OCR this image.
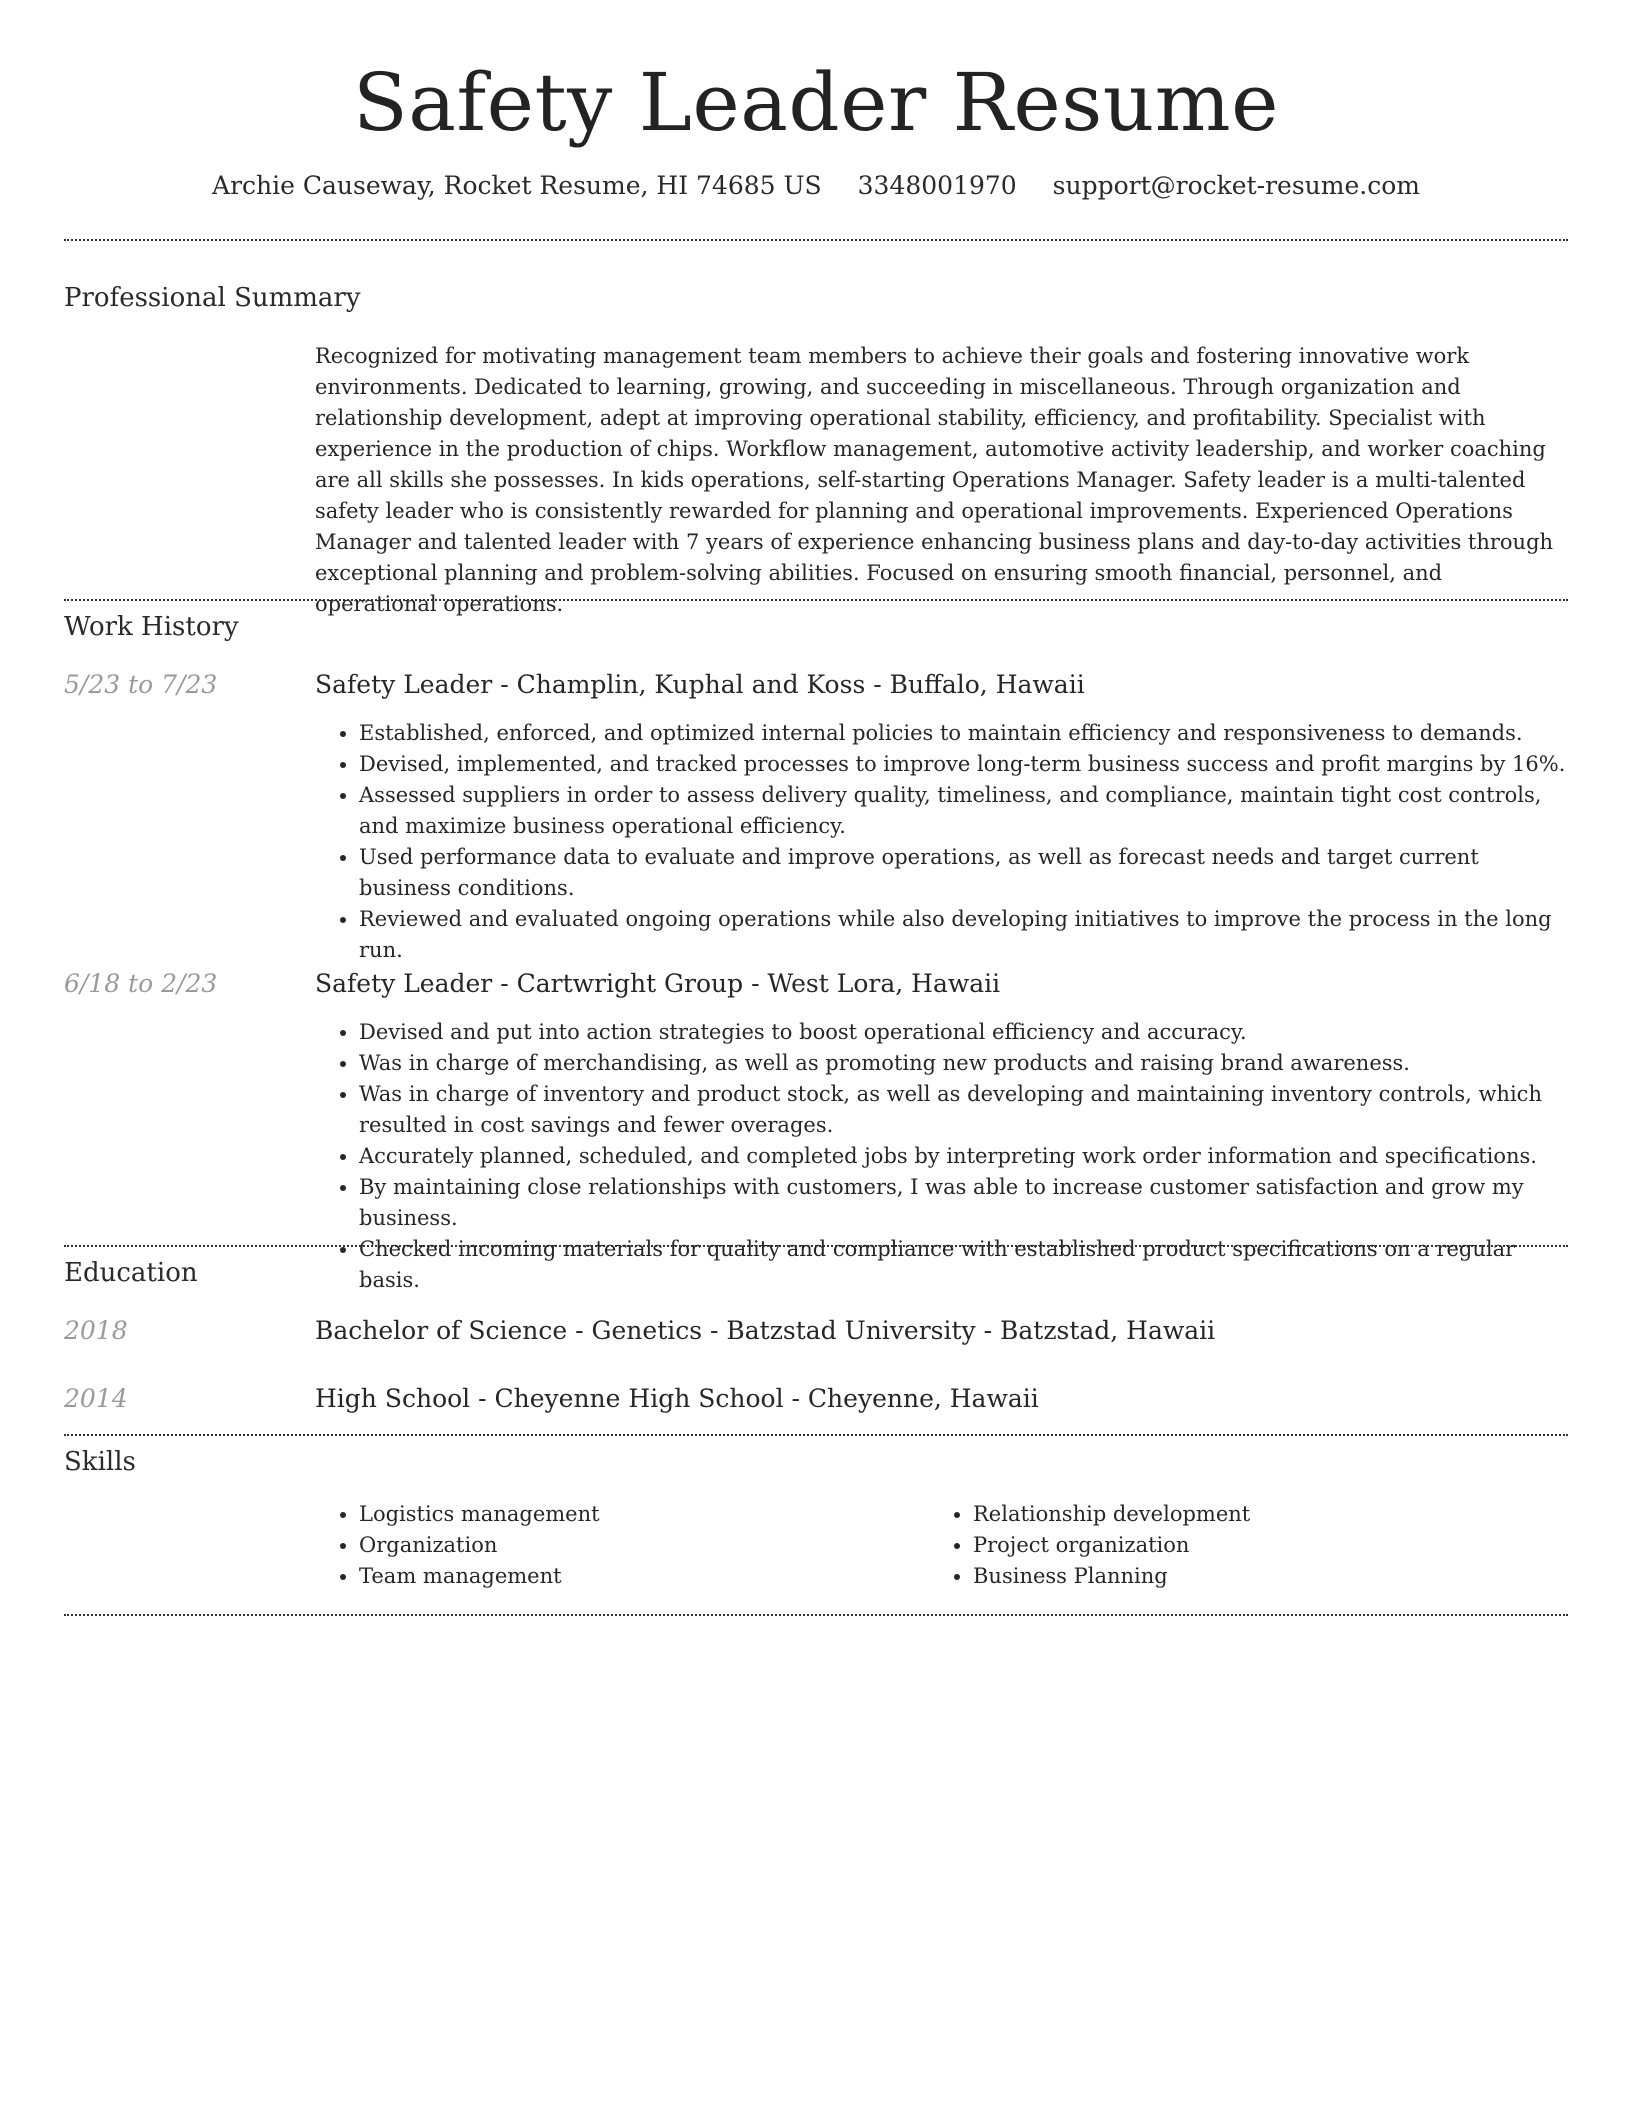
Safety Leader Resume
Archie Causeway, Rocket Resume, HI 74685 US 3348001970 support@rocket-resume.com
Professional Summary

Recognized for motivating management team members to achieve their goals and fostering innovative work environments. Dedicated to learning, growing, and succeeding in miscellaneous. Through organization and relationship development, adept at improving operational stability, efficiency, and profitability. Specialist with experience in the production of chips. Workflow management, automotive activity leadership, and worker coaching are all skills she possesses. In kids operations, self-starting Operations Manager. Safety leader is a multi-talented safety leader who is consistently rewarded for planning and operational improvements. Experienced Operations Manager and talented leader with 7 years of experience enhancing business plans and day-to-day activities through exceptional planning and problem-solving abilities. Focused on ensuring smooth financial, personnel, and operational operations.

Work History
5/23 to 7/23	Safety Leader - Champlin, Kuphal and Koss - Buffalo, Hawaii
• Established, enforced, and optimized internal policies to maintain efficiency and responsiveness to demands.
• Devised, implemented, and tracked processes to improve long-term business success and profit margins by 16%.
• Assessed suppliers in order to assess delivery quality, timeliness, and compliance, maintain tight cost controls, and maximize business operational efficiency.
• Used performance data to evaluate and improve operations, as well as forecast needs and target current business conditions.
• Reviewed and evaluated ongoing operations while also developing initiatives to improve the process in the long run.
6/18 to 2/23	Safety Leader - Cartwright Group - West Lora, Hawaii
• Devised and put into action strategies to boost operational efficiency and accuracy.
• Was in charge of merchandising, as well as promoting new products and raising brand awareness.
• Was in charge of inventory and product stock, as well as developing and maintaining inventory controls, which resulted in cost savings and fewer overages.
• Accurately planned, scheduled, and completed jobs by interpreting work order information and specifications.
• By maintaining close relationships with customers, I was able to increase customer satisfaction and grow my business.
• Checked incoming materials for quality and compliance with established product specifications on a regular basis.
Education
2018	Bachelor of Science - Genetics - Batzstad University - Batzstad, Hawaii
2014	High School - Cheyenne High School - Cheyenne, Hawaii
Skills
• Logistics management
• Organization
• Team management
• Relationship development
• Project organization
• Business Planning
